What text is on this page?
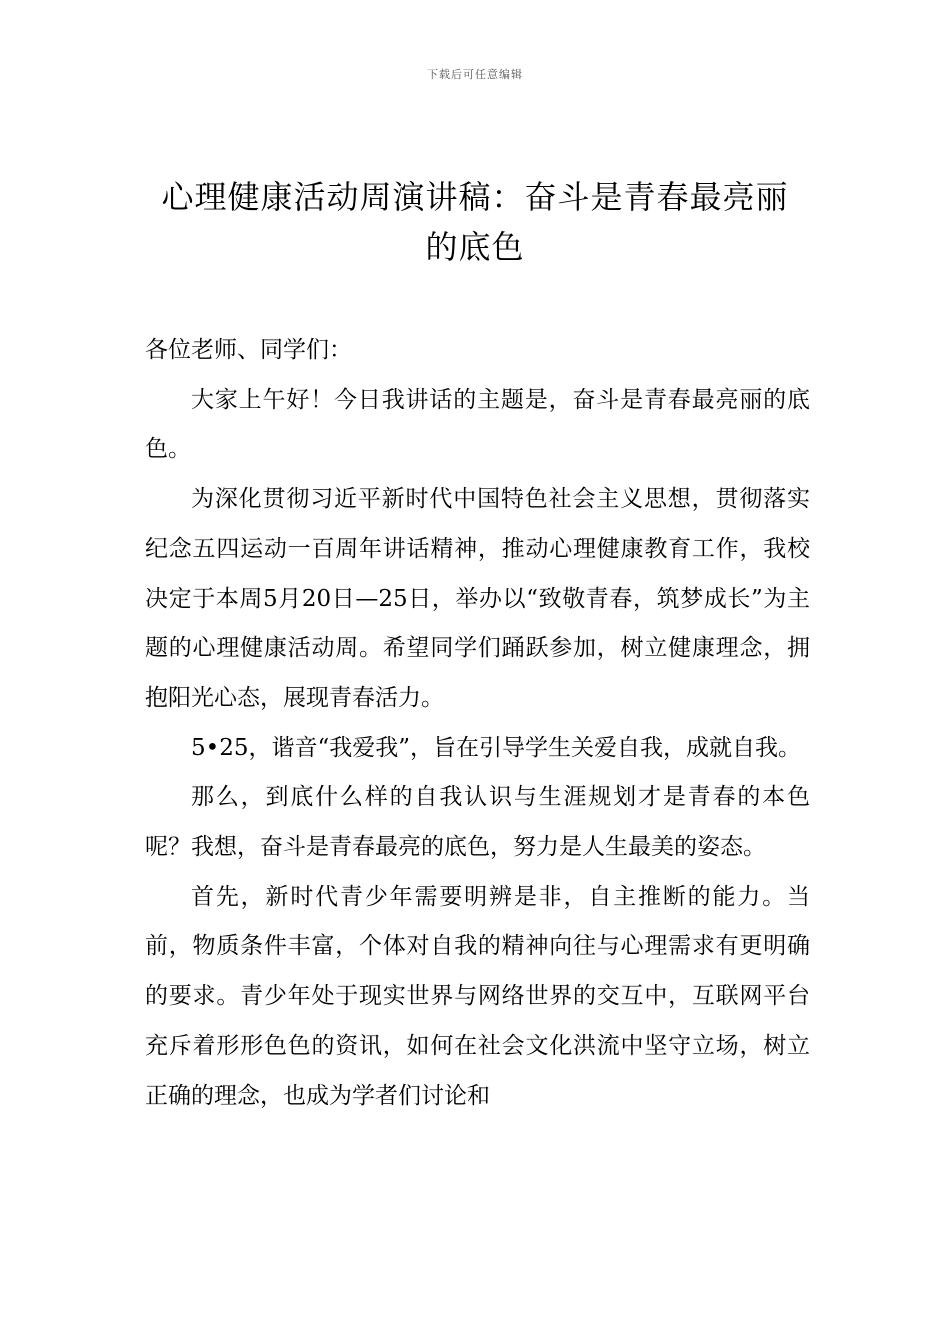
下载后可任意编辑
心理健康活动周演讲稿：奋斗是青春最亮丽的底色

各位老师、同学们：

大家上午好！今日我讲话的主题是，奋斗是青春最亮丽的底色。

为深化贯彻习近平新时代中国特色社会主义思想，贯彻落实纪念五四运动一百周年讲话精神，推动心理健康教育工作，我校决定于本周5月20日—25日，举办以“致敬青春，筑梦成长”为主题的心理健康活动周。希望同学们踊跃参加，树立健康理念，拥抱阳光心态，展现青春活力。

5•25，谐音“我爱我”，旨在引导学生关爱自我，成就自我。

那么，到底什么样的自我认识与生涯规划才是青春的本色呢？我想，奋斗是青春最亮的底色，努力是人生最美的姿态。

首先，新时代青少年需要明辨是非，自主推断的能力。当前，物质条件丰富，个体对自我的精神向往与心理需求有更明确的要求。青少年处于现实世界与网络世界的交互中，互联网平台充斥着形形色色的资讯，如何在社会文化洪流中坚守立场，树立正确的理念，也成为学者们讨论和
